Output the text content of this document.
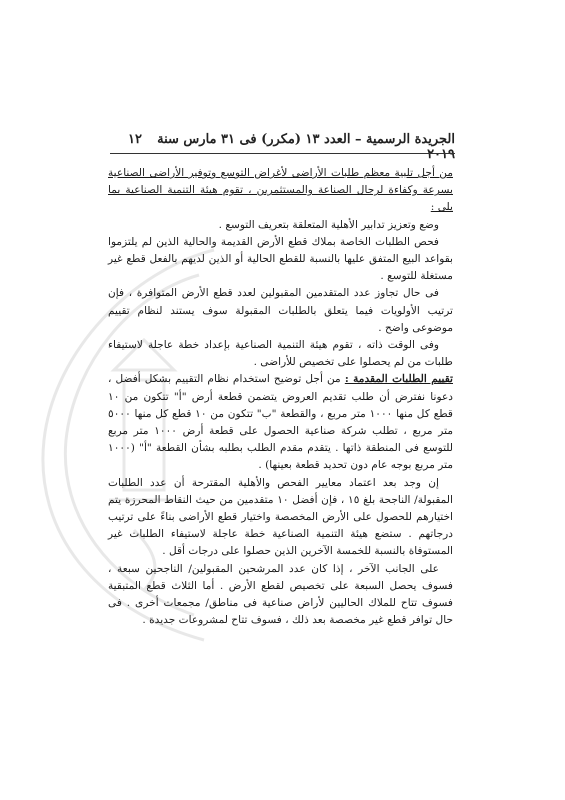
الجريدة الرسمية – العدد ١٣ (مكرر) فى ٣١ مارس سنة ٢٠١٩
١٢

من أجل تلبية معظم طلبات الأراضى لأغراض التوسع وتوفير الأراضى الصناعية بسرعة وكفاءة لرجال الصناعة والمستثمرين ، تقوم هيئة التنمية الصناعية بما يلى :

وضع وتعزيز تدابير الأهلية المتعلقة بتعريف التوسع .

فحص الطلبات الخاصة بملاك قطع الأرض القديمة والحالية الذين لم يلتزموا بقواعد البيع المتفق عليها بالنسبة للقطع الحالية أو الذين لديهم بالفعل قطع غير مستغلة للتوسع .

فى حال تجاوز عدد المتقدمين المقبولين لعدد قطع الأرض المتوافرة ، فإن ترتيب الأولويات فيما يتعلق بالطلبات المقبولة سوف يستند لنظام تقييم موضوعى واضح .

وفى الوقت ذاته ، تقوم هيئة التنمية الصناعية بإعداد خطة عاجلة لاستيفاء طلبات من لم يحصلوا على تخصيص للأراضى .

تقييم الطلبات المقدمة : من أجل توضيح استخدام نظام التقييم بشكل أفضل ، دعونا نفترض أن طلب تقديم العروض يتضمن قطعة أرض "أ" تتكون من ١٠ قطع كل منها ١٠٠٠ متر مربع ، والقطعة "ب" تتكون من ١٠ قطع كل منها ٥٠٠٠ متر مربع ، تطلب شركة صناعية الحصول على قطعة أرض ١٠٠٠ متر مربع للتوسع فى المنطقة ذاتها . يتقدم مقدم الطلب بطلبه بشأن القطعة "أ" (١٠٠٠ متر مربع بوجه عام دون تحديد قطعة بعينها) .

إن وجد بعد اعتماد معايير الفحص والأهلية المقترحة أن عدد الطلبات المقبولة/ الناجحة بلغ ١٥ ، فإن أفضل ١٠ متقدمين من حيث النقاط المحرزة يتم اختيارهم للحصول على الأرض المخصصة واختيار قطع الأراضى بناءً على ترتيب درجاتهم . ستضع هيئة التنمية الصناعية خطة عاجلة لاستيفاء الطلبات غير المستوفاة بالنسبة للخمسة الآخرين الذين حصلوا على درجات أقل .

على الجانب الآخر ، إذا كان عدد المرشحين المقبولين/ الناجحين سبعة ، فسوف يحصل السبعة على تخصيص لقطع الأرض . أما الثلاث قطع المتبقية فسوف تتاح للملاك الحاليين لأراض صناعية فى مناطق/ مجمعات أخرى . فى حال توافر قطع غير مخصصة بعد ذلك ، فسوف تتاح لمشروعات جديدة .
